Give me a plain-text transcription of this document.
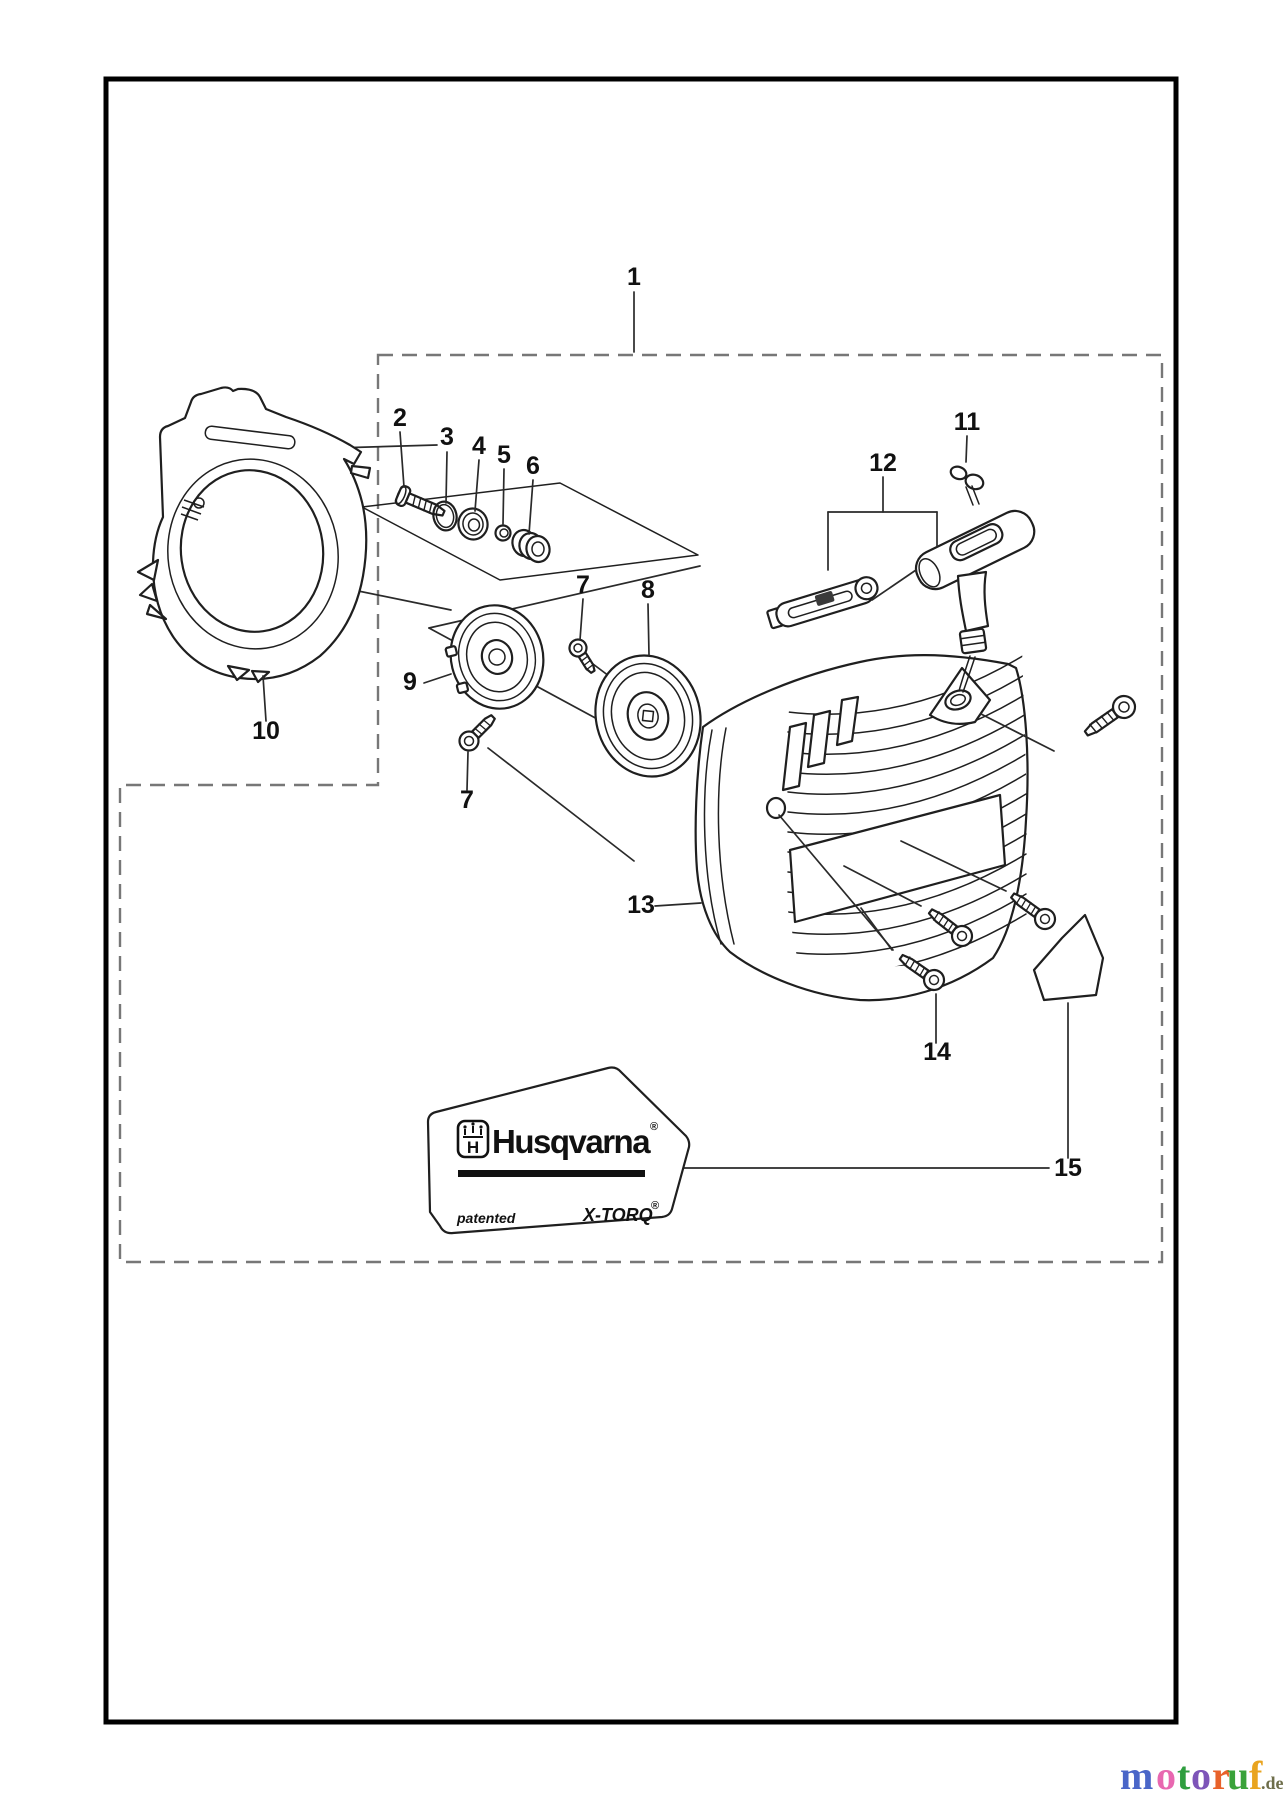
1
2
3 4 5 6
7 8
9
10
7
11
12
13
14
15
H Husqvarna ®
patented	X-TORQ
®
m o t o r
u f
.de
